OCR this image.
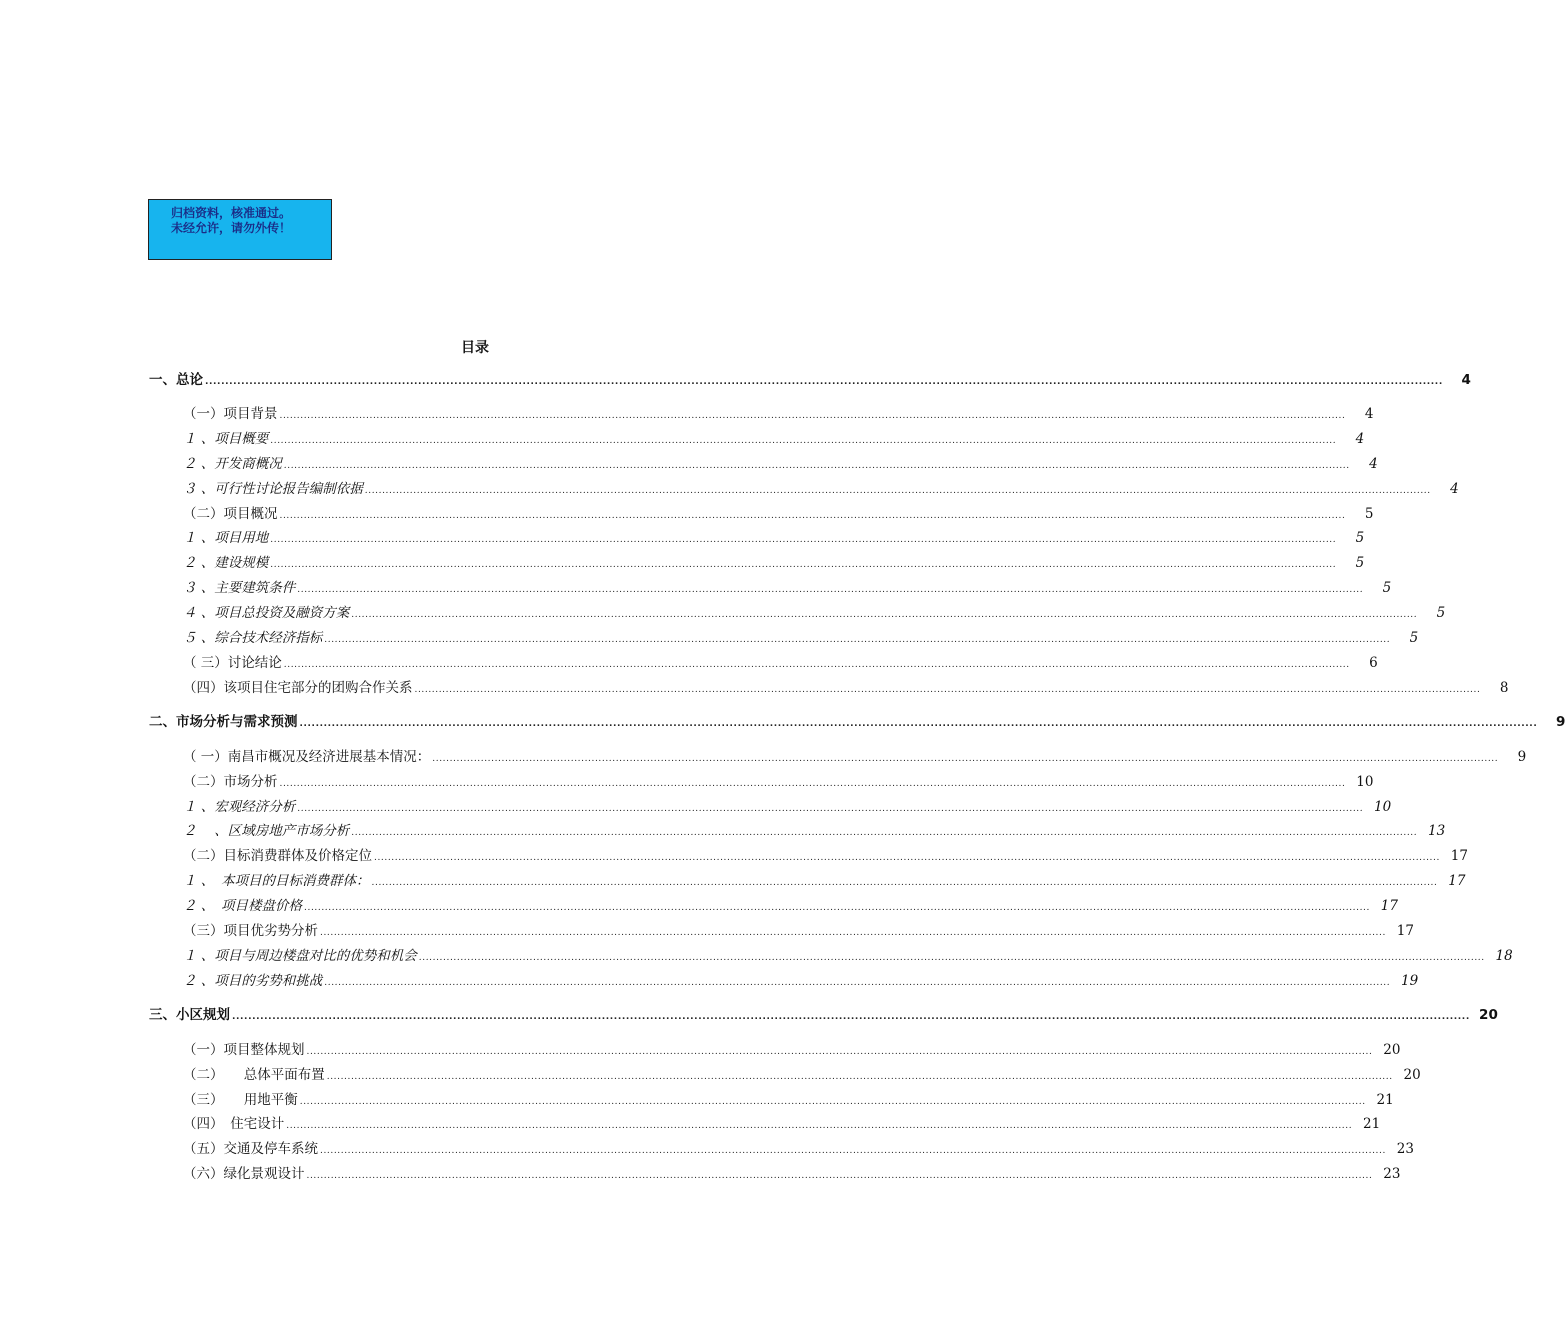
归档资料，核准通过。
未经允许，请勿外传！
目录
一、总论 ....................................................................................................................................................................................................................................................................................................................	4
（一）项目背景 ....................................................................................................................................................................................................................................................................................................................	4
１ 、项目概要 ....................................................................................................................................................................................................................................................................................................................	4
２ 、开发商概况 ....................................................................................................................................................................................................................................................................................................................	4
３ 、可行性讨论报告编制依据 ....................................................................................................................................................................................................................................................................................................................	4
（二）项目概况 ....................................................................................................................................................................................................................................................................................................................	5
１ 、项目用地 ....................................................................................................................................................................................................................................................................................................................	5
２ 、建设规模 ....................................................................................................................................................................................................................................................................................................................	5
３ 、主要建筑条件 ....................................................................................................................................................................................................................................................................................................................	5
４ 、项目总投资及融资方案 ....................................................................................................................................................................................................................................................................................................................	5
５ 、综合技术经济指标 ....................................................................................................................................................................................................................................................................................................................	5
（ 三）讨论结论 ....................................................................................................................................................................................................................................................................................................................	6
（四）该项目住宅部分的团购合作关系 ....................................................................................................................................................................................................................................................................................................................	8
二、市场分析与需求预测 ....................................................................................................................................................................................................................................................................................................................	9
（ 一）南昌市概况及经济进展基本情况： ....................................................................................................................................................................................................................................................................................................................	9
（二）市场分析 .................................................................................................................................................................................................................................................................................................................... 10
１ 、宏观经济分析 .................................................................................................................................................................................................................................................................................................................... 10
２　 、区域房地产市场分析 .................................................................................................................................................................................................................................................................................................................... 13
（二）目标消费群体及价格定位 .................................................................................................................................................................................................................................................................................................................... 17
１ 、　本项目的目标消费群体： .................................................................................................................................................................................................................................................................................................................... 17
２ 、　项目楼盘价格 .................................................................................................................................................................................................................................................................................................................... 17
（三）项目优劣势分析 .................................................................................................................................................................................................................................................................................................................... 17
１ 、项目与周边楼盘对比的优势和机会 .................................................................................................................................................................................................................................................................................................................... 18
２ 、项目的劣势和挑战 .................................................................................................................................................................................................................................................................................................................... 19
三、小区规划 .................................................................................................................................................................................................................................................................................................................... 20
（一）项目整体规划 .................................................................................................................................................................................................................................................................................................................... 20
（二）　　总体平面布置 .................................................................................................................................................................................................................................................................................................................... 20
（三）　　用地平衡 .................................................................................................................................................................................................................................................................................................................... 21
（四）　住宅设计 .................................................................................................................................................................................................................................................................................................................... 21
（五）交通及停车系统 .................................................................................................................................................................................................................................................................................................................... 23
（六）绿化景观设计 .................................................................................................................................................................................................................................................................................................................... 23
